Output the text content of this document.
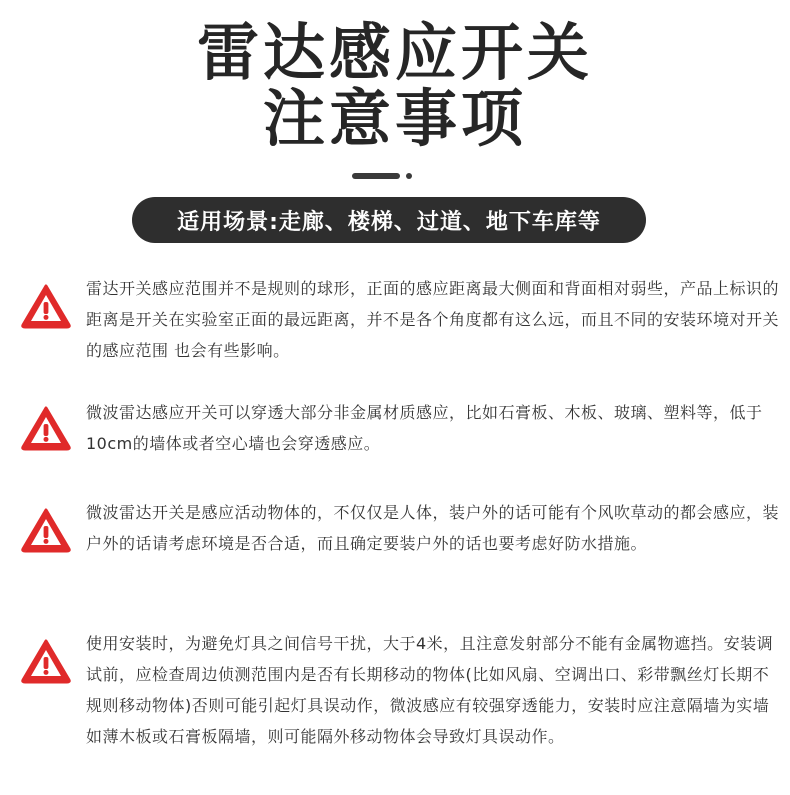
雷达感应开关
注意事项
适用场景:走廊、楼梯、过道、地下车库等
雷达开关感应范围并不是规则的球形，正面的感应距离最大侧面和背面相对弱些，产品上标识的距离是开关在实验室正面的最远距离，并不是各个角度都有这么远，而且不同的安装环境对开关的感应范围 也会有些影响。
微波雷达感应开关可以穿透大部分非金属材质感应，比如石膏板、木板、玻璃、塑料等，低于10cm的墙体或者空心墙也会穿透感应。
微波雷达开关是感应活动物体的，不仅仅是人体，装户外的话可能有个风吹草动的都会感应，装户外的话请考虑环境是否合适，而且确定要装户外的话也要考虑好防水措施。
使用安装时，为避免灯具之间信号干扰，大于4米，且注意发射部分不能有金属物遮挡。安装调试前，应检查周边侦测范围内是否有长期移动的物体(比如风扇、空调出口、彩带飘丝灯长期不规则移动物体)否则可能引起灯具误动作，微波感应有较强穿透能力，安装时应注意隔墙为实墙如薄木板或石膏板隔墙，则可能隔外移动物体会导致灯具误动作。
